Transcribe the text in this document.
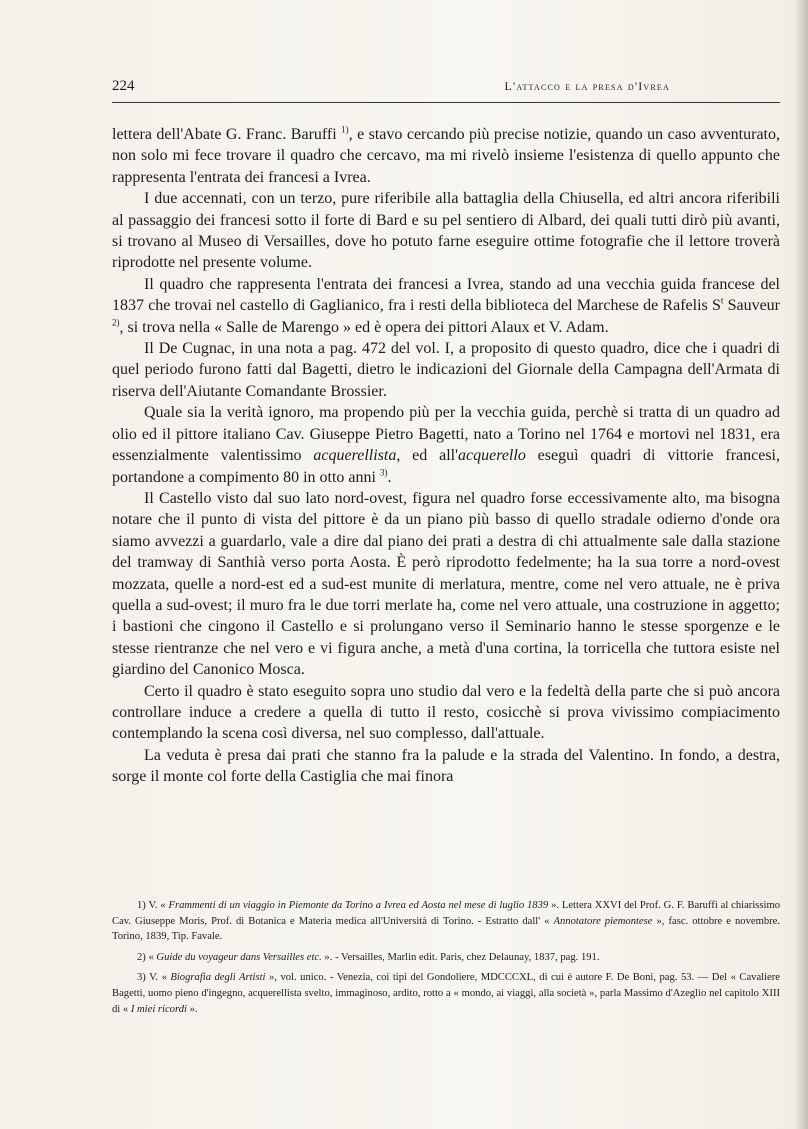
224	L'attacco e la presa d'Ivrea

lettera dell'Abate G. Franc. Baruffi $^{1)}$, e stavo cercando più precise notizie, quando un caso avventurato, non solo mi fece trovare il quadro che cercavo, ma mi rivelò insieme l'esistenza di quello appunto che rappresenta l'entrata dei francesi a Ivrea.

I due accennati, con un terzo, pure riferibile alla battaglia della Chiusella, ed altri ancora riferibili al passaggio dei francesi sotto il forte di Bard e su pel sentiero di Albard, dei quali tutti dirò più avanti, si trovano al Museo di Versailles, dove ho potuto farne eseguire ottime fotografie che il lettore troverà riprodotte nel presente volume.

Il quadro che rappresenta l'entrata dei francesi a Ivrea, stando ad una vecchia guida francese del 1837 che trovai nel castello di Gaglianico, fra i resti della biblioteca del Marchese de Rafelis $S^t$ Sauveur $^{2)}$, si trova nella « Salle de Marengo » ed è opera dei pittori Alaux et V. Adam.

Il De Cugnac, in una nota a pag. 472 del vol. I, a proposito di questo quadro, dice che i quadri di quel periodo furono fatti dal Bagetti, dietro le indicazioni del Giornale della Campagna dell'Armata di riserva dell'Aiutante Comandante Brossier.

Quale sia la verità ignoro, ma propendo più per la vecchia guida, perchè si tratta di un quadro ad olio ed il pittore italiano Cav. Giuseppe Pietro Bagetti, nato a Torino nel 1764 e mortovi nel 1831, era essenzialmente valentissimo acquerellista, ed all'acquerello eseguì quadri di vittorie francesi, portandone a compimento 80 in otto anni $^{3)}$.

Il Castello visto dal suo lato nord-ovest, figura nel quadro forse eccessivamente alto, ma bisogna notare che il punto di vista del pittore è da un piano più basso di quello stradale odierno d'onde ora siamo avvezzi a guardarlo, vale a dire dal piano dei prati a destra di chi attualmente sale dalla stazione del tramway di Santhià verso porta Aosta. È però riprodotto fedelmente; ha la sua torre a nord-ovest mozzata, quelle a nord-est ed a sud-est munite di merlatura, mentre, come nel vero attuale, ne è priva quella a sud-ovest; il muro fra le due torri merlate ha, come nel vero attuale, una costruzione in aggetto; i bastioni che cingono il Castello e si prolungano verso il Seminario hanno le stesse sporgenze e le stesse rientranze che nel vero e vi figura anche, a metà d'una cortina, la torricella che tuttora esiste nel giardino del Canonico Mosca.

Certo il quadro è stato eseguito sopra uno studio dal vero e la fedeltà della parte che si può ancora controllare induce a credere a quella di tutto il resto, cosicchè si prova vivissimo compiacimento contemplando la scena così diversa, nel suo complesso, dall'attuale.

La veduta è presa dai prati che stanno fra la palude e la strada del Valentino. In fondo, a destra, sorge il monte col forte della Castiglia che mai finora

1) V. « Frammenti di un viaggio in Piemonte da Torino a Ivrea ed Aosta nel mese di luglio 1839 ». Lettera XXVI del Prof. G. F. Baruffi al chiarissimo Cav. Giuseppe Moris, Prof. di Botanica e Materia medica all'Università di Torino. - Estratto dall' « Annotatore piemontese », fasc. ottobre e novembre. Torino, 1839, Tip. Favale.

2) « Guide du voyageur dans Versailles etc. ». - Versailles, Marlin edit. Paris, chez Delaunay, 1837, pag. 191.

3) V. « Biografia degli Artisti », vol. unico. - Venezia, coi tipi del Gondoliere, MDCCCXL, di cui è autore F. De Boni, pag. 53. — Del « Cavaliere Bagetti, uomo pieno d'ingegno, acquerellista svelto, immaginoso, ardito, rotto a « mondo, ai viaggi, alla società », parla Massimo d'Azeglio nel capitolo XIII di « I miei ricordi ».
